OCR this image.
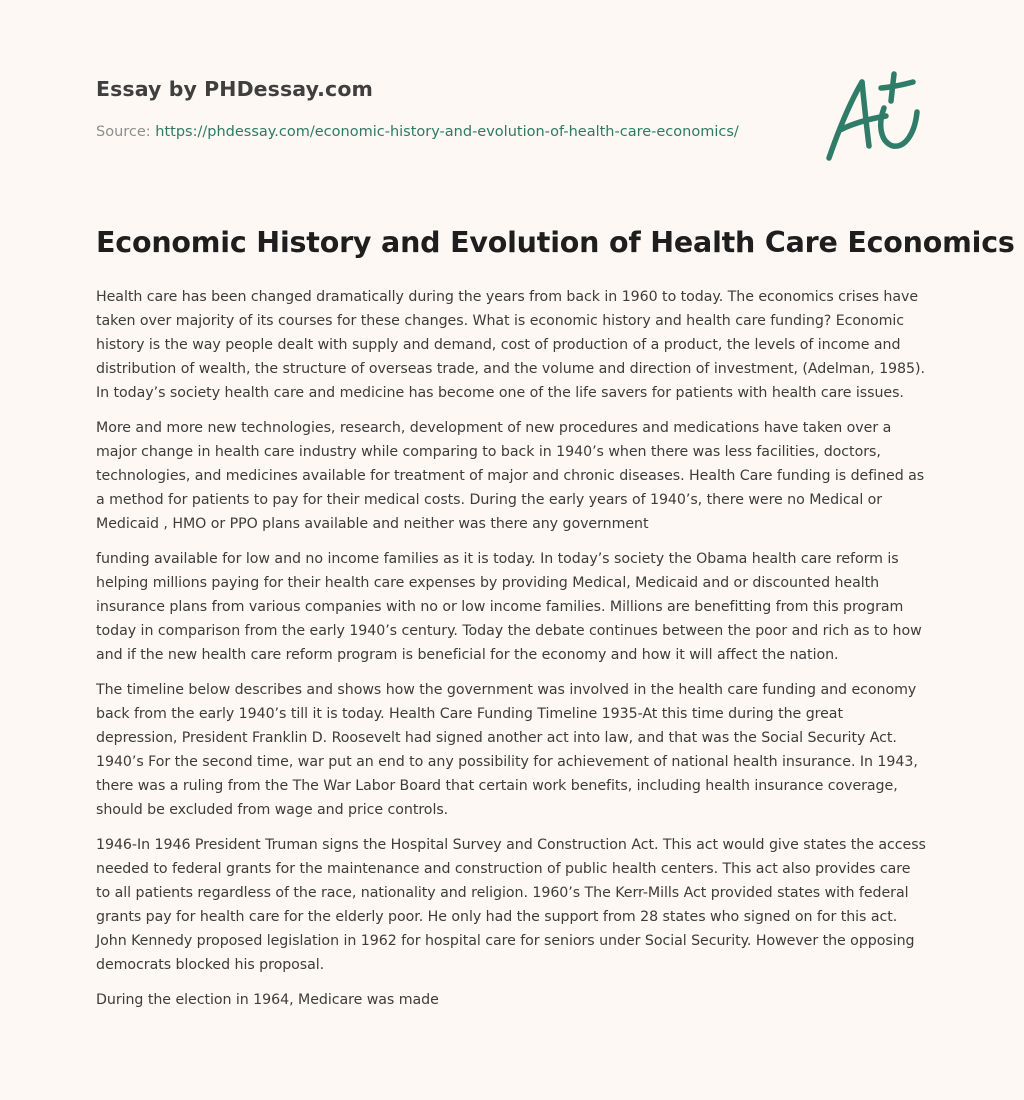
Essay by PHDessay.com
Source: https://phdessay.com/economic-history-and-evolution-of-health-care-economics/
Economic History and Evolution of Health Care Economics

Health care has been changed dramatically during the years from back in 1960 to today. The economics crises have taken over majority of its courses for these changes. What is economic history and health care funding? Economic history is the way people dealt with supply and demand, cost of production of a product, the levels of income and distribution of wealth, the structure of overseas trade, and the volume and direction of investment, (Adelman, 1985). In today’s society health care and medicine has become one of the life savers for patients with health care issues.

More and more new technologies, research, development of new procedures and medications have taken over a major change in health care industry while comparing to back in 1940’s when there was less facilities, doctors, technologies, and medicines available for treatment of major and chronic diseases. Health Care funding is defined as a method for patients to pay for their medical costs. During the early years of 1940’s, there were no Medical or Medicaid , HMO or PPO plans available and neither was there any government

funding available for low and no income families as it is today. In today’s society the Obama health care reform is helping millions paying for their health care expenses by providing Medical, Medicaid and or discounted health insurance plans from various companies with no or low income families. Millions are benefitting from this program today in comparison from the early 1940’s century. Today the debate continues between the poor and rich as to how and if the new health care reform program is beneficial for the economy and how it will affect the nation.

The timeline below describes and shows how the government was involved in the health care funding and economy back from the early 1940’s till it is today. Health Care Funding Timeline 1935-At this time during the great depression, President Franklin D. Roosevelt had signed another act into law, and that was the Social Security Act. 1940’s For the second time, war put an end to any possibility for achievement of national health insurance. In 1943, there was a ruling from the The War Labor Board that certain work benefits, including health insurance coverage, should be excluded from wage and price controls.

1946-In 1946 President Truman signs the Hospital Survey and Construction Act. This act would give states the access needed to federal grants for the maintenance and construction of public health centers. This act also provides care to all patients regardless of the race, nationality and religion. 1960’s The Kerr-Mills Act provided states with federal grants pay for health care for the elderly poor. He only had the support from 28 states who signed on for this act. John Kennedy proposed legislation in 1962 for hospital care for seniors under Social Security. However the opposing democrats blocked his proposal.

During the election in 1964, Medicare was made
